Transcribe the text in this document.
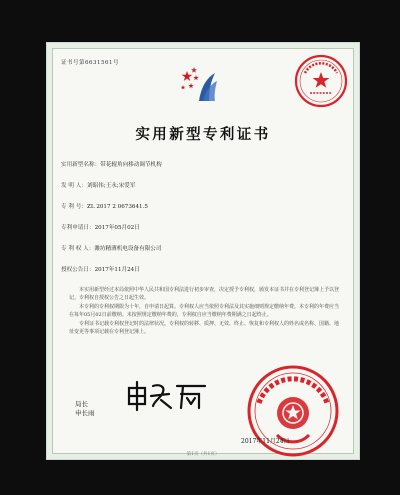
证书号第6631561号
实用新型专利证书
实用新型名称：带花辊角向移动调节机构
发 明 人：刘昭伟;王永;宋爱军
专 利 号：ZL 2017 2 0673641.5
专利申请日：2017年05月02日
专 利 权 人：潍坊精薄机电设备有限公司
授权公告日：2017年11月24日

本实用新型经过本局依照中华人民共和国专利法进行初步审查，决定授予专利权，颁发本证书并在专利登记簿上予以登记。专利权自授权公告之日起生效。

本专利的专利权期限为十年，自申请日起算。专利权人应当依照专利法及其实施细则规定缴纳年费。本专利的年费应当在每年05月02日前缴纳。未按照规定缴纳年费的，专利权自应当缴纳年费期满之日起终止。

专利证书记载专利权登记时的法律状况。专利权的转移、质押、无效、终止、恢复和专利权人的姓名或名称、国籍、地址变更等事项记载在专利登记簿上。

局长
申长雨
2017年11月24日
第1页（共1页）
